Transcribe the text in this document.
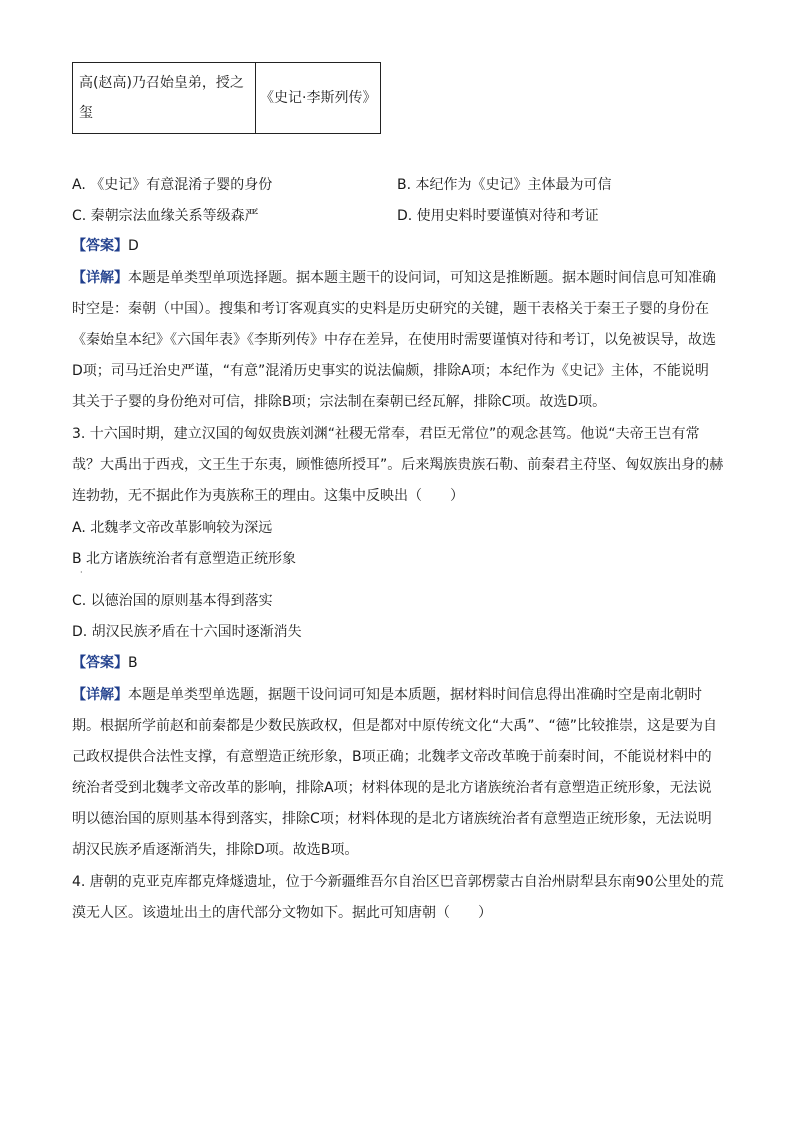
高(赵高)乃召始皇弟，授之玺	《史记·李斯列传》
A. 《史记》有意混淆子婴的身份	B. 本纪作为《史记》主体最为可信
C. 秦朝宗法血缘关系等级森严	D. 使用史料时要谨慎对待和考证
【答案】D
【详解】本题是单类型单项选择题。据本题主题干的设问词，可知这是推断题。据本题时间信息可知准确
时空是：秦朝（中国）。搜集和考订客观真实的史料是历史研究的关键，题干表格关于秦王子婴的身份在
《秦始皇本纪》《六国年表》《李斯列传》中存在差异，在使用时需要谨慎对待和考订，以免被误导，故选
D项；司马迁治史严谨，“有意”混淆历史事实的说法偏颇，排除A项；本纪作为《史记》主体，不能说明
其关于子婴的身份绝对可信，排除B项；宗法制在秦朝已经瓦解，排除C项。故选D项。
3. 十六国时期，建立汉国的匈奴贵族刘渊“社稷无常奉，君臣无常位”的观念甚笃。他说“夫帝王岂有常
哉？大禹出于西戎，文王生于东夷，顾惟德所授耳”。后来羯族贵族石勒、前秦君主苻坚、匈奴族出身的赫
连勃勃，无不据此作为夷族称王的理由。这集中反映出（　　）
A. 北魏孝文帝改革影响较为深远
B 北方诸族统治者有意塑造正统形象
·
C. 以德治国的原则基本得到落实
D. 胡汉民族矛盾在十六国时逐渐消失
【答案】B
【详解】本题是单类型单选题，据题干设问词可知是本质题，据材料时间信息得出准确时空是南北朝时
期。根据所学前赵和前秦都是少数民族政权，但是都对中原传统文化“大禹”、“德”比较推崇，这是要为自
己政权提供合法性支撑，有意塑造正统形象，B项正确；北魏孝文帝改革晚于前秦时间，不能说材料中的
统治者受到北魏孝文帝改革的影响，排除A项；材料体现的是北方诸族统治者有意塑造正统形象，无法说
明以德治国的原则基本得到落实，排除C项；材料体现的是北方诸族统治者有意塑造正统形象，无法说明
胡汉民族矛盾逐渐消失，排除D项。故选B项。
4. 唐朝的克亚克库都克烽燧遗址，位于今新疆维吾尔自治区巴音郭楞蒙古自治州尉犁县东南90公里处的荒
漠无人区。该遗址出土的唐代部分文物如下。据此可知唐朝（　　）
